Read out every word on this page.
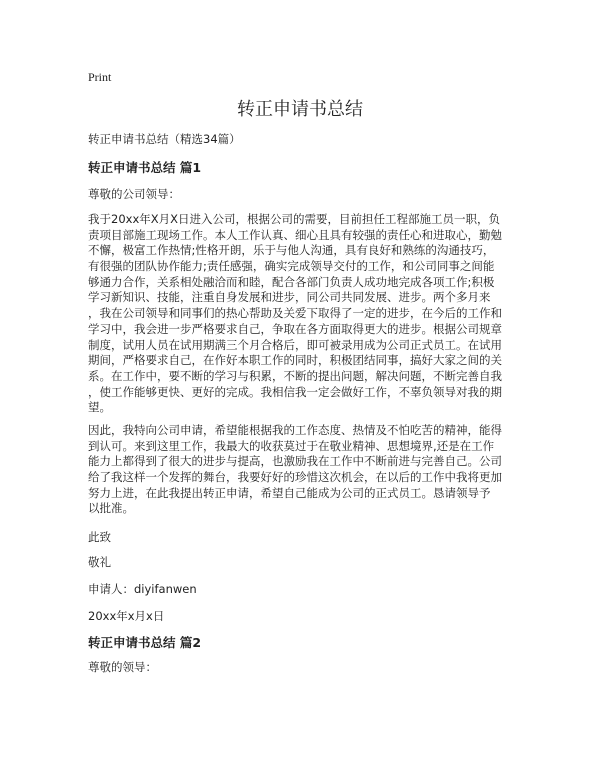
Print
转正申请书总结
转正申请书总结（精选34篇）
转正申请书总结 篇1
尊敬的公司领导：
我于20xx年X月X日进入公司，根据公司的需要，目前担任工程部施工员一职，负
责项目部施工现场工作。本人工作认真、细心且具有较强的责任心和进取心，勤勉
不懈，极富工作热情;性格开朗，乐于与他人沟通，具有良好和熟练的沟通技巧，
有很强的团队协作能力;责任感强，确实完成领导交付的工作，和公司同事之间能
够通力合作，关系相处融洽而和睦，配合各部门负责人成功地完成各项工作;积极
学习新知识、技能，注重自身发展和进步，同公司共同发展、进步。两个多月来
，我在公司领导和同事们的热心帮助及关爱下取得了一定的进步，在今后的工作和
学习中，我会进一步严格要求自己，争取在各方面取得更大的进步。根据公司规章
制度，试用人员在试用期满三个月合格后，即可被录用成为公司正式员工。在试用
期间，严格要求自己，在作好本职工作的同时，积极团结同事，搞好大家之间的关
系。在工作中，要不断的学习与积累，不断的提出问题，解决问题，不断完善自我
，使工作能够更快、更好的完成。我相信我一定会做好工作，不辜负领导对我的期
望。
因此，我特向公司申请，希望能根据我的工作态度、热情及不怕吃苦的精神，能得
到认可。来到这里工作，我最大的收获莫过于在敬业精神、思想境界,还是在工作
能力上都得到了很大的进步与提高，也激励我在工作中不断前进与完善自己。公司
给了我这样一个发挥的舞台，我要好好的珍惜这次机会，在以后的工作中我将更加
努力上进，在此我提出转正申请，希望自己能成为公司的正式员工。恳请领导予
以批准。
此致
敬礼
申请人：diyifanwen
20xx年x月x日
转正申请书总结 篇2
尊敬的领导：
